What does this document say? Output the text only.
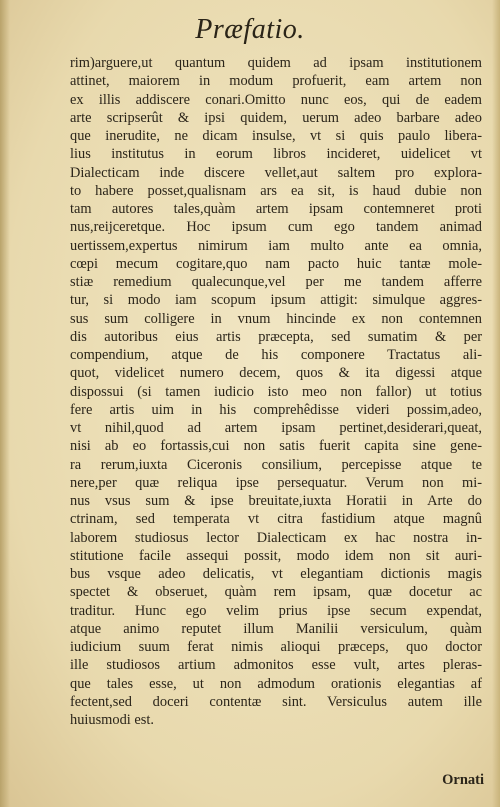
Præfatio.
rim)arguere,ut quantum quidem ad ipsam institutionem
attinet, maiorem in modum profuerit, eam artem non
ex illis addiscere conari.Omitto nunc eos, qui de eadem
arte scripserût & ipsi quidem, uerum adeo barbare adeo
que inerudite, ne dicam insulse, vt si quis paulo libera-
lius institutus in eorum libros incideret, uidelicet vt
Dialecticam inde discere vellet,aut saltem pro explora-
to habere posset,qualisnam ars ea sit, is haud dubie non
tam autores tales,quàm artem ipsam contemneret proti
nus,reijceretque. Hoc ipsum cum ego tandem animad
uertissem,expertus nimirum iam multo ante ea omnia,
cœpi mecum cogitare,quo nam pacto huic tantæ mole-
stiæ remedium qualecunque,vel per me tandem afferre
tur, si modo iam scopum ipsum attigit: simulque aggres-
sus sum colligere in vnum hincinde ex non contemnen
dis autoribus eius artis præcepta, sed sumatim & per
compendium, atque de his componere Tractatus ali-
quot, videlicet numero decem, quos & ita digessi atque
dispossui (si tamen iudicio isto meo non fallor) ut totius
fere artis uim in his comprehêdisse videri possim,adeo,
vt nihil,quod ad artem ipsam pertinet,desiderari,queat,
nisi ab eo fortassis,cui non satis fuerit capita sine gene-
ra rerum,iuxta Ciceronis consilium, percepisse atque te
nere,per quæ reliqua ipse persequatur. Verum non mi-
nus vsus sum & ipse breuitate,iuxta Horatii in Arte do
ctrinam, sed temperata vt citra fastidium atque magnû
laborem studiosus lector Dialecticam ex hac nostra in-
stitutione facile assequi possit, modo idem non sit auri-
bus vsque adeo delicatis, vt elegantiam dictionis magis
spectet & obseruet, quàm rem ipsam, quæ docetur ac
traditur. Hunc ego velim prius ipse secum expendat,
atque animo reputet illum Manilii versiculum, quàm
iudicium suum ferat nimis alioqui præceps, quo doctor
ille studiosos artium admonitos esse vult, artes pleras-
que tales esse, ut non admodum orationis elegantias af
fectent,sed doceri contentæ sint. Versiculus autem ille
huiusmodi est.
Ornati
